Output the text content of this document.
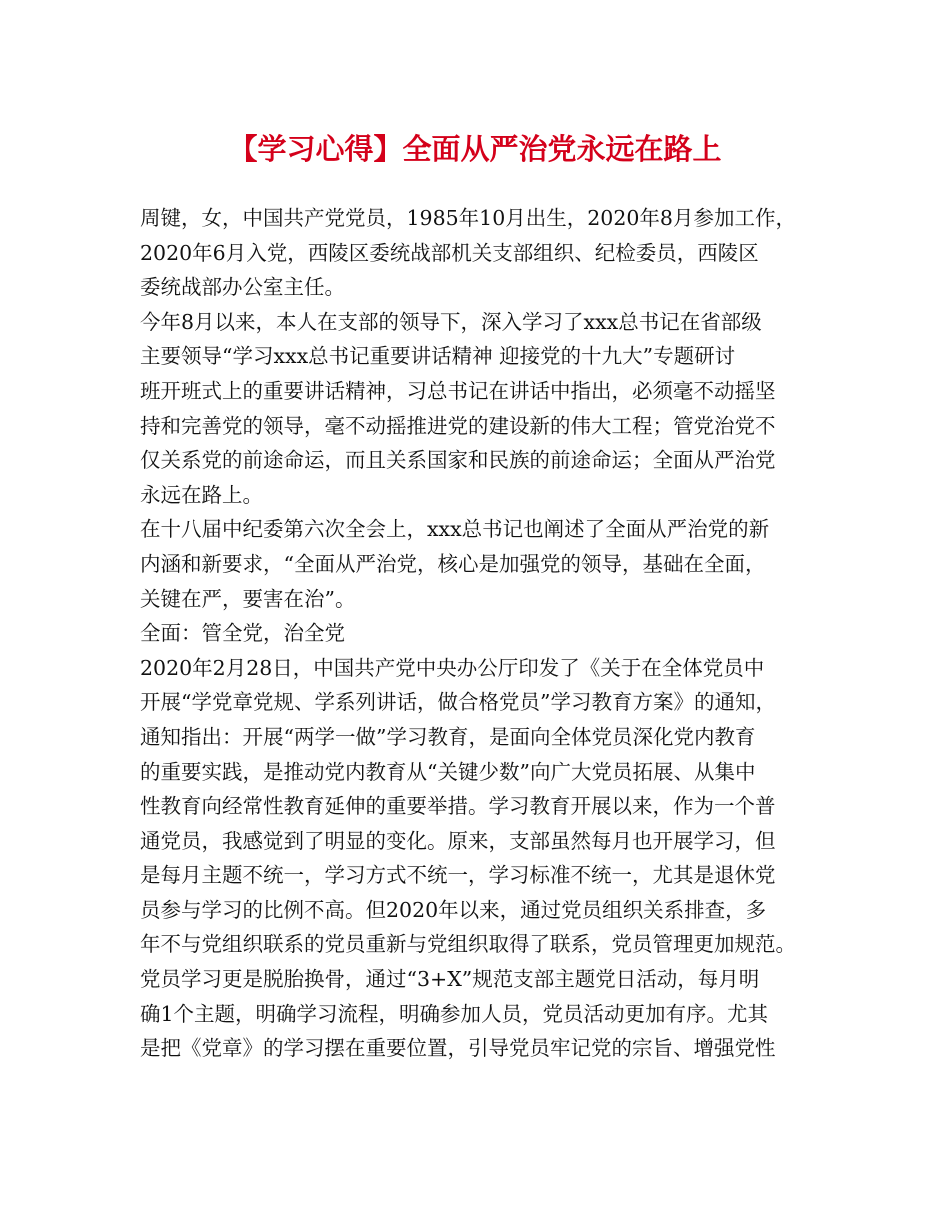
【学习心得】全面从严治党永远在路上

周键，女，中国共产党党员，1985年10月出生，2020年8月参加工作，

2020年6月入党，西陵区委统战部机关支部组织、纪检委员，西陵区

委统战部办公室主任。

今年8月以来，本人在支部的领导下，深入学习了xxx总书记在省部级

主要领导“学习xxx总书记重要讲话精神 迎接党的十九大”专题研讨

班开班式上的重要讲话精神，习总书记在讲话中指出，必须毫不动摇坚

持和完善党的领导，毫不动摇推进党的建设新的伟大工程；管党治党不

仅关系党的前途命运，而且关系国家和民族的前途命运；全面从严治党

永远在路上。

在十八届中纪委第六次全会上，xxx总书记也阐述了全面从严治党的新

内涵和新要求，“全面从严治党，核心是加强党的领导，基础在全面，

关键在严，要害在治”。

全面：管全党，治全党

2020年2月28日，中国共产党中央办公厅印发了《关于在全体党员中

开展“学党章党规、学系列讲话，做合格党员”学习教育方案》的通知，

通知指出：开展“两学一做”学习教育，是面向全体党员深化党内教育

的重要实践，是推动党内教育从“关键少数”向广大党员拓展、从集中

性教育向经常性教育延伸的重要举措。学习教育开展以来，作为一个普

通党员，我感觉到了明显的变化。原来，支部虽然每月也开展学习，但

是每月主题不统一，学习方式不统一，学习标准不统一，尤其是退休党

员参与学习的比例不高。但2020年以来，通过党员组织关系排查，多

年不与党组织联系的党员重新与党组织取得了联系，党员管理更加规范。

党员学习更是脱胎换骨，通过“3+X”规范支部主题党日活动，每月明

确1个主题，明确学习流程，明确参加人员，党员活动更加有序。尤其

是把《党章》的学习摆在重要位置，引导党员牢记党的宗旨、增强党性
